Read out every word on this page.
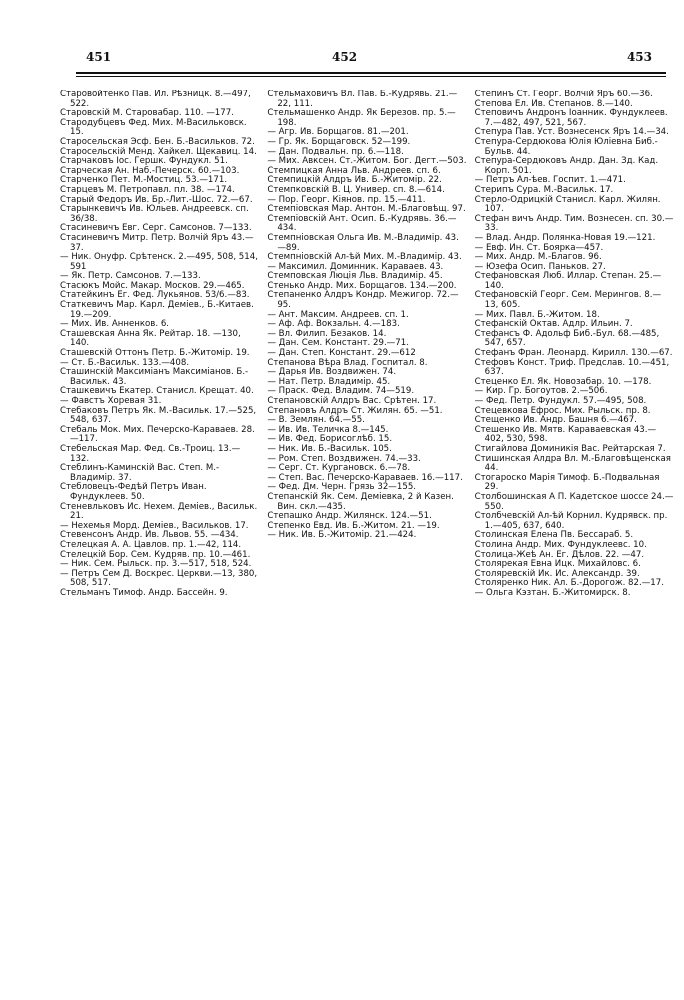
451	452	453
Старовойтенко Пав. Ил. Рѣзницк. 8.—497, 522.
Старовскій М. Старовабар. 110. —177.
Стародубцевъ Фед. Мих. М-Васильковск. 15.
Старосельская Эсф. Бен. Б.-Васильков. 72.
Старосельскій Менд. Хайкел. Щекавиц. 14.
Старчаковъ Іос. Гершк. Фундукл. 51.
Старческая Ан. Наб.-Печерск. 60.—103.
Старченко Пет. М.-Мостиц. 53.—171.
Старцевъ М. Петропавл. пл. 38. —174.
Старый Федоръ Ив. Бр.-Лит.-Шос. 72.—67.
Старынкевичъ Ив. Юльев. Андреевск. сп. 36/38.
Стасиневичъ Евг. Серг. Самсонов. 7—133.
Стасиневичъ Митр. Петр. Волчій Яръ 43.—37.
— Ник. Онуфр. Срѣтенск. 2.—495, 508, 514, 591
— Як. Петр. Самсонов. 7.—133.
Стасюкъ Мойс. Макар. Москов. 29.—465.
Статейкинъ Ег. Фед. Лукьянов. 53/6.—83.
Статкевичъ Мар. Карл. Деміев., Б.-Китаев. 19.—209.
— Мих. Ив. Анненков. 6.
Сташевская Анна Як. Рейтар. 18. —130, 140.
Сташевскій Оттонъ Петр. Б.-Житомір. 19.
— Ст. Б.-Васильк. 133.—408.
Сташинскій Максиміанъ Максиміанов. Б.-Васильк. 43.
Сташкевичъ Екатер. Станисл. Крещат. 40.
— Фавстъ Хоревая 31.
Стебаковъ Петръ Як. М.-Васильк. 17.—525, 548, 637.
Стебаль Мок. Мих. Печерско-Караваев. 28.—117.
Стебельская Мар. Фед. Св.-Троиц. 13.—132.
Стеблинъ-Каминскій Вас. Степ. М.-Владимір. 37.
Стебловецъ-Федѣй Петръ Иван. Фундуклеев. 50.
Стеневльковъ Ис. Нехем. Деміев., Васильк. 21.
— Нехемья Морд. Деміев., Васильков. 17.
Стевенсонъ Андр. Ив. Львов. 55. —434.
Стелецкая А. А. Цавлов. пр. 1.—42, 114.
Стелецкій Бор. Сем. Кудряв. пр. 10.—461.
— Ник. Сем. Рыльск. пр. 3.—517, 518, 524.
— Петръ Сем Д. Воскрес. Церкви.—13, 380, 508, 517.
Стельманъ Тимоф. Андр. Бассейн. 9.
Стельмаховичъ Вл. Пав. Б.-Кудрявь. 21.—22, 111.
Стельмашенко Андр. Як Березов. пр. 5.—198.
— Агр. Ив. Борщагов. 81.—201.
— Гр. Як. Борщаговск. 52—199.
— Дан. Подвальн. пр. 6.—118.
— Мих. Авксен. Ст.-Житом. Бог. Дегт.—503.
Стемпицкая Анна Льв. Андреев. сп. 6.
Стемпицкій Алдръ Ив. Б.-Житомір. 22.
Стемпковскій В. Ц. Универ. сп. 8.—614.
— Пор. Георг. Кіянов. пр. 15.—411.
Стемпіовская Мар. Антон. М.-Благовѣщ. 97.
Стемпіовскій Ант. Осип. Б.-Кудрявь. 36.—434.
Стемпніовская Ольга Ив. М.-Владимір. 43.—89.
Стемпніовскій Ал-ѣй Мих. М.-Владимір. 43.
— Максимил. Доминник. Караваев. 43.
Стемповская Люція Льв. Владимір. 45.
Стенько Андр. Мих. Борщагов. 134.—200.
Степаненко Алдръ Кондр. Межигор. 72.—95.
— Ант. Максим. Андреев. сп. 1.
— Аф. Аф. Вокзальн. 4.—183.
— Вл. Филип. Безаков. 14.
— Дан. Сем. Констант. 29.—71.
— Дан. Степ. Констант. 29.—612
Степанова Вѣра Влад. Госпитал. 8.
— Дарья Ив. Воздвижен. 74.
— Нат. Петр. Владимір. 45.
— Праск. Фед. Владим. 74—519.
Степановскій Алдръ Вас. Срѣтен. 17.
Степановъ Алдръ Ст. Жилян. 65. —51.
— В. Землян. 64.—55.
— Ив. Ив. Теличка 8.—145.
— Ив. Фед. Борисоглѣб. 15.
— Ник. Ив. Б.-Васильк. 105.
— Ром. Степ. Воздвижен. 74.—33.
— Серг. Ст. Кургановск. 6.—78.
— Степ. Вас. Печерско-Караваев. 16.—117.
— Фед. Дм. Черн. Грязь 32—155.
Степанскій Як. Сем. Деміевка, 2 й Казен. Вин. скл.—435.
Степашко Андр. Жилянск. 124.—51.
Степенко Евд. Ив. Б.-Житом. 21. —19.
— Ник. Ив. Б.-Житомір. 21.—424.
Степинъ Ст. Георг. Волчій Яръ 60.—36.
Степова Ел. Ив. Степанов. 8.—140.
Степовичъ Андронъ Іоанник. Фундуклеев. 7.—482, 497, 521, 567.
Степура Пав. Уст. Вознесенск Яръ 14.—34.
Степура-Сердюкова Юлія Юліевна Биб.-Бульв. 44.
Степура-Сердюковъ Андр. Дан. Зд. Кад. Корп. 501.
— Петръ Ал-ѣев. Госпит. 1.—471.
Стерипъ Сура. М.-Васильк. 17.
Стерло-Одрицкій Станисл. Карл. Жилян. 107.
Стефан вичъ Андр. Тим. Вознесен. сп. 30.—33.
— Влад. Андр. Полянка-Новая 19.—121.
— Евф. Ин. Ст. Боярка—457.
— Мих. Андр. М.-Благов. 96.
— Юзефа Осип. Паньков. 27.
Стефановская Люб. Иллар. Степан. 25.—140.
Стефановскій Георг. Сем. Мерингов. 8.—13, 605.
— Мих. Павл. Б.-Житом. 18.
Стефанскій Октав. Адлр. Ильин. 7.
Стефансъ Ф. Адольф Биб.-Бул. 68.—485, 547, 657.
Стефанъ Фран. Леонард. Кирилл. 130.—67.
Стефовъ Конст. Триф. Предслав. 10.—451, 637.
Стеценко Ел. Як. Новозабар. 10. —178.
— Кир. Гр. Богоутов. 2.—506.
— Фед. Петр. Фундукл. 57.—495, 508.
Стецевкова Ефрос. Мих. Рыльск. пр. 8.
Стещенко Ив. Андр. Башня 6.—467.
Стешенко Ив. Мятв. Караваевская 43.—402, 530, 598.
Стигайлова Доминикія Вас. Рейтарская 7.
Стишинская Алдра Вл. М.-Благовѣщенская 44.
Стогароско Марія Тимоф. Б.-Подвальная 29.
Столбошинская А П. Кадетское шоссе 24.—550.
Столбчевскій Ал-ѣй Корнил. Кудрявск. пр. 1.—405, 637, 640.
Столинская Елена Пв. Бессараб. 5.
Столина Андр. Мих. Фундуклеевс. 10.
Столица-Жеѣ Ан. Ег. Дѣлов. 22. —47.
Столярекая Евна Ицк. Михайловс. 6.
Столяревскій Ик. Ис. Александр. 39.
Столяренко Ник. Ал. Б.-Дорогож. 82.—17.
— Ольга Кэзтан. Б.-Житомирск. 8.
